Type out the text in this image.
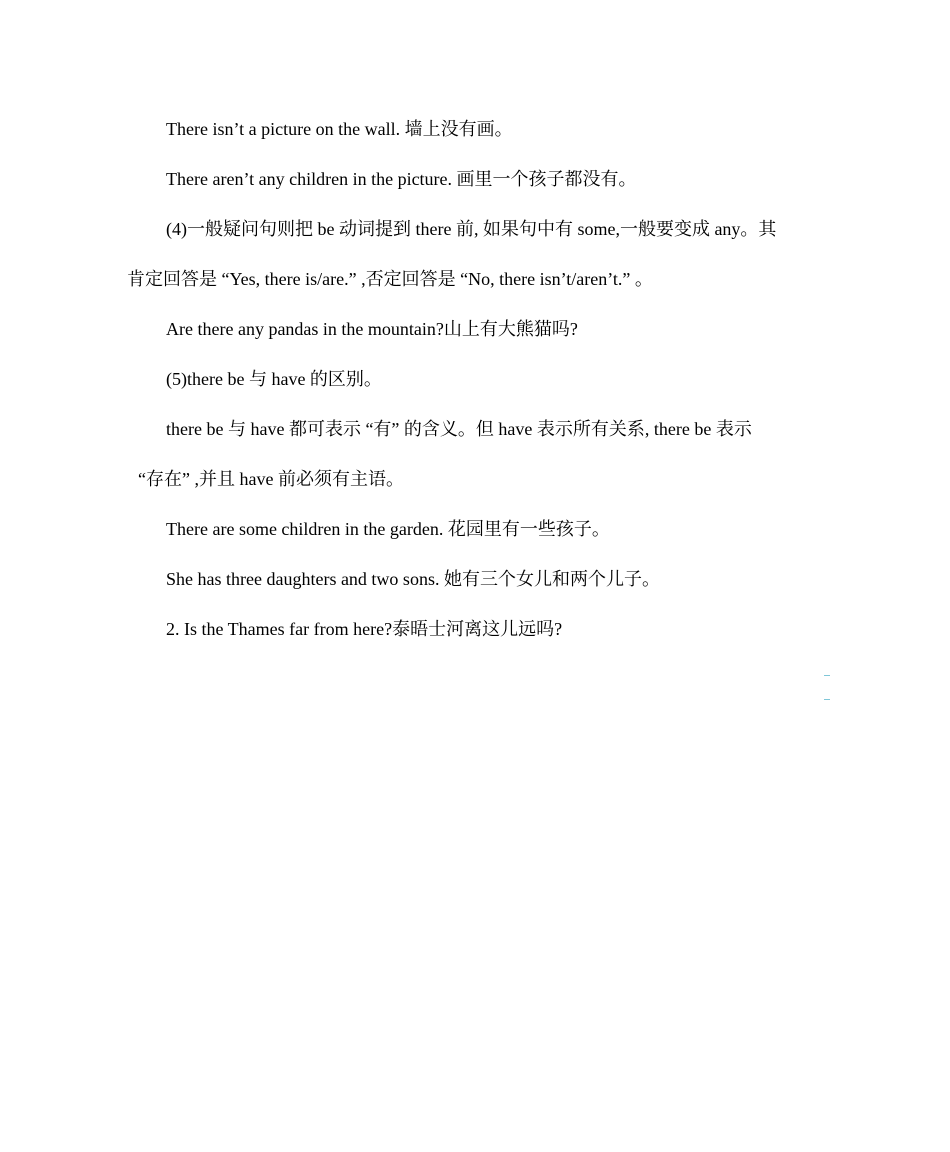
There isn’t a picture on the wall. 墙上没有画。
There aren’t any children in the picture. 画里一个孩子都没有。
(4)一般疑问句则把 be 动词提到 there 前, 如果句中有 some,一般要变成 any。其
肯定回答是 “Yes, there is/are.” ,否定回答是 “No, there isn’t/aren’t.” 。
Are there any pandas in the mountain?山上有大熊猫吗?
(5)there be 与 have 的区别。
there be 与 have 都可表示 “有” 的含义。但 have 表示所有关系, there be 表示
“存在” ,并且 have 前必须有主语。
There are some children in the garden. 花园里有一些孩子。
She has three daughters and two sons. 她有三个女儿和两个儿子。
2. Is the Thames far from here?泰晤士河离这儿远吗?
